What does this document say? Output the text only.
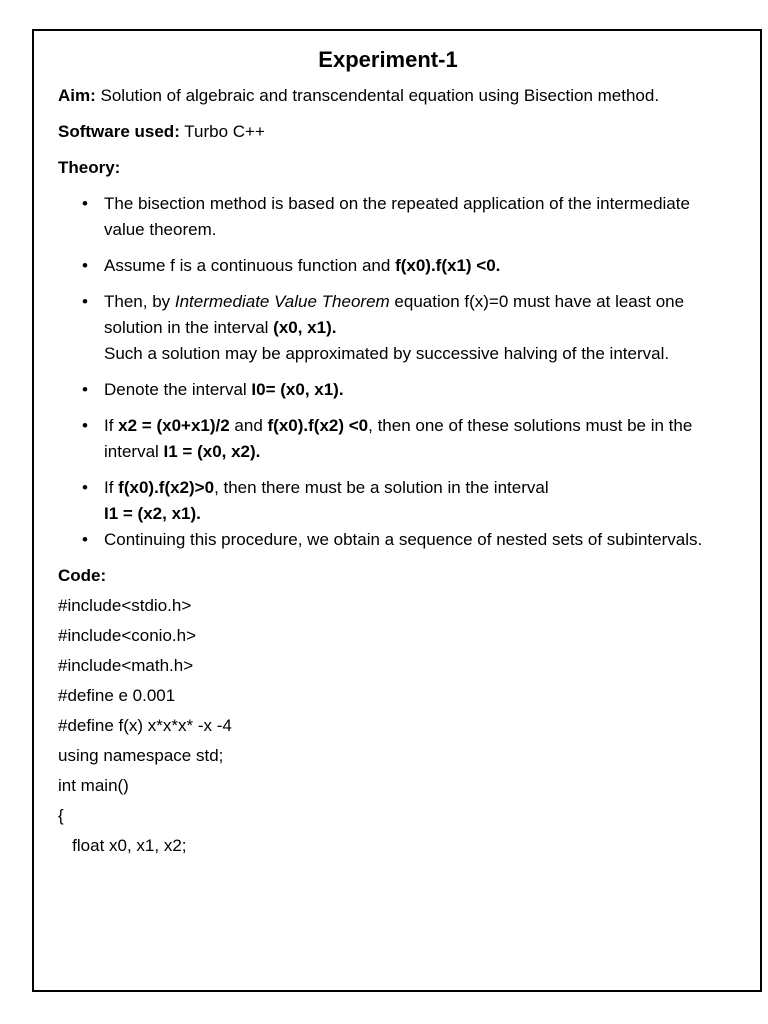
Experiment-1

Aim: Solution of algebraic and transcendental equation using Bisection method.

Software used: Turbo C++

Theory:

• The bisection method is based on the repeated application of the intermediate value theorem.
• Assume f is a continuous function and f(x0).f(x1) <0.
• Then, by Intermediate Value Theorem equation f(x)=0 must have at least one solution in the interval (x0, x1).
Such a solution may be approximated by successive halving of the interval.
• Denote the interval I0= (x0, x1).
• If x2 = (x0+x1)/2 and f(x0).f(x2) <0, then one of these solutions must be in the interval I1 = (x0, x2).
• If f(x0).f(x2)>0, then there must be a solution in the interval
I1 = (x2, x1).
• Continuing this procedure, we obtain a sequence of nested sets of subintervals.

Code:

#include<stdio.h>
#include<conio.h>
#include<math.h>
#define e 0.001
#define f(x) x*x*x* -x -4
using namespace std;
int main()
{
float x0, x1, x2;
